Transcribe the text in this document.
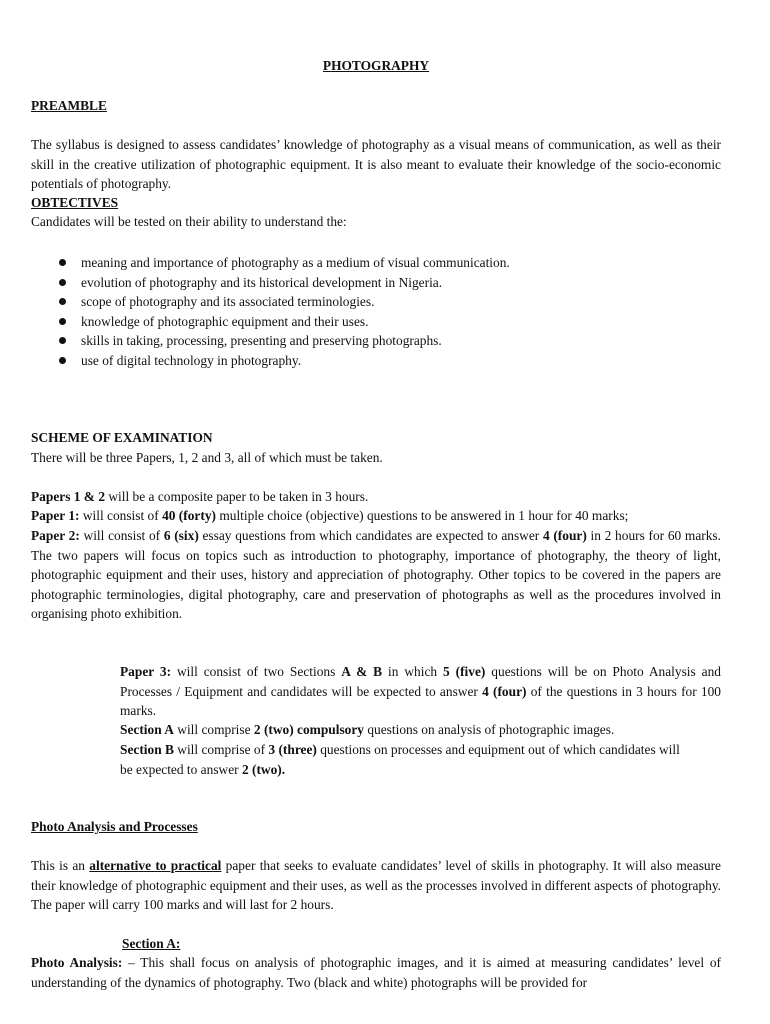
PHOTOGRAPHY
PREAMBLE
The syllabus is designed to assess candidates’ knowledge of photography as a visual means of communication, as well as their skill in the creative utilization of photographic equipment. It is also meant to evaluate their knowledge of the socio-economic potentials of photography.
OBTECTIVES
Candidates will be tested on their ability to understand the:
meaning and importance of photography as a medium of visual communication.
evolution of photography and its historical development in Nigeria.
scope of photography and its associated terminologies.
knowledge of photographic equipment and their uses.
skills in taking, processing, presenting and preserving photographs.
use of digital technology in photography.
SCHEME OF EXAMINATION
There will be three Papers, 1, 2 and 3, all of which must be taken.
Papers 1 & 2 will be a composite paper to be taken in 3 hours.
Paper 1: will consist of 40 (forty) multiple choice (objective) questions to be answered in 1 hour for 40 marks;
Paper 2: will consist of 6 (six) essay questions from which candidates are expected to answer 4 (four) in 2 hours for 60 marks. The two papers will focus on topics such as introduction to photography, importance of photography, the theory of light, photographic equipment and their uses, history and appreciation of photography. Other topics to be covered in the papers are photographic terminologies, digital photography, care and preservation of photographs as well as the procedures involved in organising photo exhibition.
Paper 3: will consist of two Sections A & B in which 5 (five) questions will be on Photo Analysis and Processes / Equipment and candidates will be expected to answer 4 (four) of the questions in 3 hours for 100 marks.
Section A will comprise 2 (two) compulsory questions on analysis of photographic images.
Section B will comprise of 3 (three) questions on processes and equipment out of which candidates will be expected to answer 2 (two).
Photo Analysis and Processes
This is an alternative to practical paper that seeks to evaluate candidates’ level of skills in photography. It will also measure their knowledge of photographic equipment and their uses, as well as the processes involved in different aspects of photography. The paper will carry 100 marks and will last for 2 hours.
Section A:
Photo Analysis: – This shall focus on analysis of photographic images, and it is aimed at measuring candidates’ level of understanding of the dynamics of photography. Two (black and white) photographs will be provided for
